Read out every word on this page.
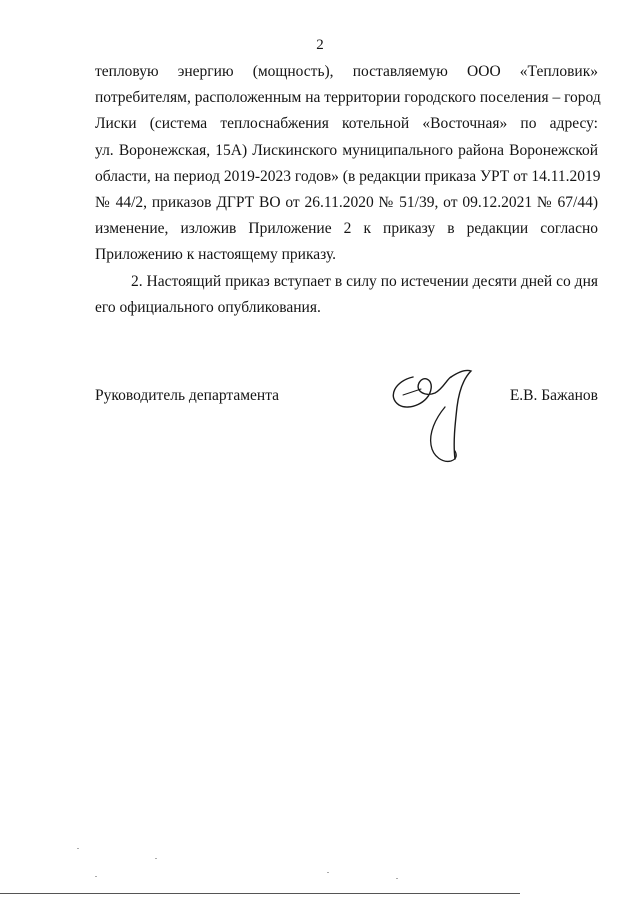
2
тепловую энергию (мощность), поставляемую ООО «Тепловик»
потребителям, расположенным на территории городского поселения – город
Лиски (система теплоснабжения котельной «Восточная» по адресу:
ул. Воронежская, 15А) Лискинского муниципального района Воронежской
области, на период 2019-2023 годов» (в редакции приказа УРТ от 14.11.2019
№ 44/2, приказов ДГРТ ВО от 26.11.2020 № 51/39, от 09.12.2021 № 67/44)
изменение, изложив Приложение 2 к приказу в редакции согласно
Приложению к настоящему приказу.
2. Настоящий приказ вступает в силу по истечении десяти дней со дня
его официального опубликования.
Руководитель департамента	Е.В. Бажанов
